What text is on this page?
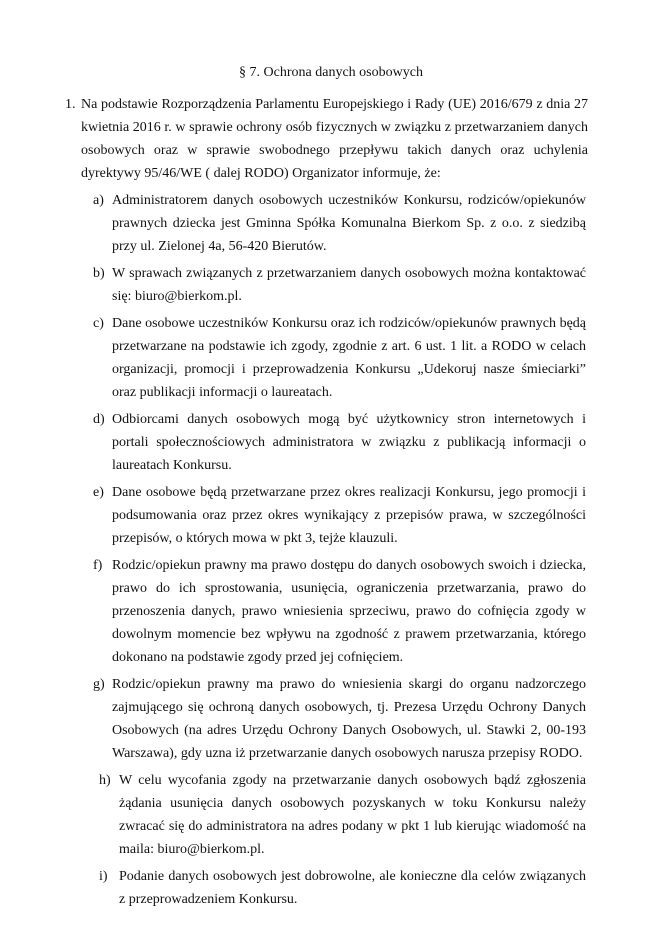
§ 7. Ochrona danych osobowych
1. Na podstawie Rozporządzenia Parlamentu Europejskiego i Rady (UE) 2016/679 z dnia 27 kwietnia 2016 r. w sprawie ochrony osób fizycznych w związku z przetwarzaniem danych osobowych oraz w sprawie swobodnego przepływu takich danych oraz uchylenia dyrektywy 95/46/WE ( dalej RODO) Organizator informuje, że:
a) Administratorem danych osobowych uczestników Konkursu, rodziców/opiekunów prawnych dziecka jest Gminna Spółka Komunalna Bierkom Sp. z o.o. z siedzibą przy ul. Zielonej 4a, 56-420 Bierutów.
b) W sprawach związanych z przetwarzaniem danych osobowych można kontaktować się: biuro@bierkom.pl.
c) Dane osobowe uczestników Konkursu oraz ich rodziców/opiekunów prawnych będą przetwarzane na podstawie ich zgody, zgodnie z art. 6 ust. 1 lit. a RODO w celach organizacji, promocji i przeprowadzenia Konkursu „Udekoruj nasze śmieciarki” oraz publikacji informacji o laureatach.
d) Odbiorcami danych osobowych mogą być użytkownicy stron internetowych i portali społecznościowych administratora w związku z publikacją informacji o laureatach Konkursu.
e) Dane osobowe będą przetwarzane przez okres realizacji Konkursu, jego promocji i podsumowania oraz przez okres wynikający z przepisów prawa, w szczególności przepisów, o których mowa w pkt 3, tejże klauzuli.
f) Rodzic/opiekun prawny ma prawo dostępu do danych osobowych swoich i dziecka, prawo do ich sprostowania, usunięcia, ograniczenia przetwarzania, prawo do przenoszenia danych, prawo wniesienia sprzeciwu, prawo do cofnięcia zgody w dowolnym momencie bez wpływu na zgodność z prawem przetwarzania, którego dokonano na podstawie zgody przed jej cofnięciem.
g) Rodzic/opiekun prawny ma prawo do wniesienia skargi do organu nadzorczego zajmującego się ochroną danych osobowych, tj. Prezesa Urzędu Ochrony Danych Osobowych (na adres Urzędu Ochrony Danych Osobowych, ul. Stawki 2, 00-193 Warszawa), gdy uzna iż przetwarzanie danych osobowych narusza przepisy RODO.
h) W celu wycofania zgody na przetwarzanie danych osobowych bądź zgłoszenia żądania usunięcia danych osobowych pozyskanych w toku Konkursu należy zwracać się do administratora na adres podany w pkt 1 lub kierując wiadomość na maila: biuro@bierkom.pl.
i) Podanie danych osobowych jest dobrowolne, ale konieczne dla celów związanych z przeprowadzeniem Konkursu.
